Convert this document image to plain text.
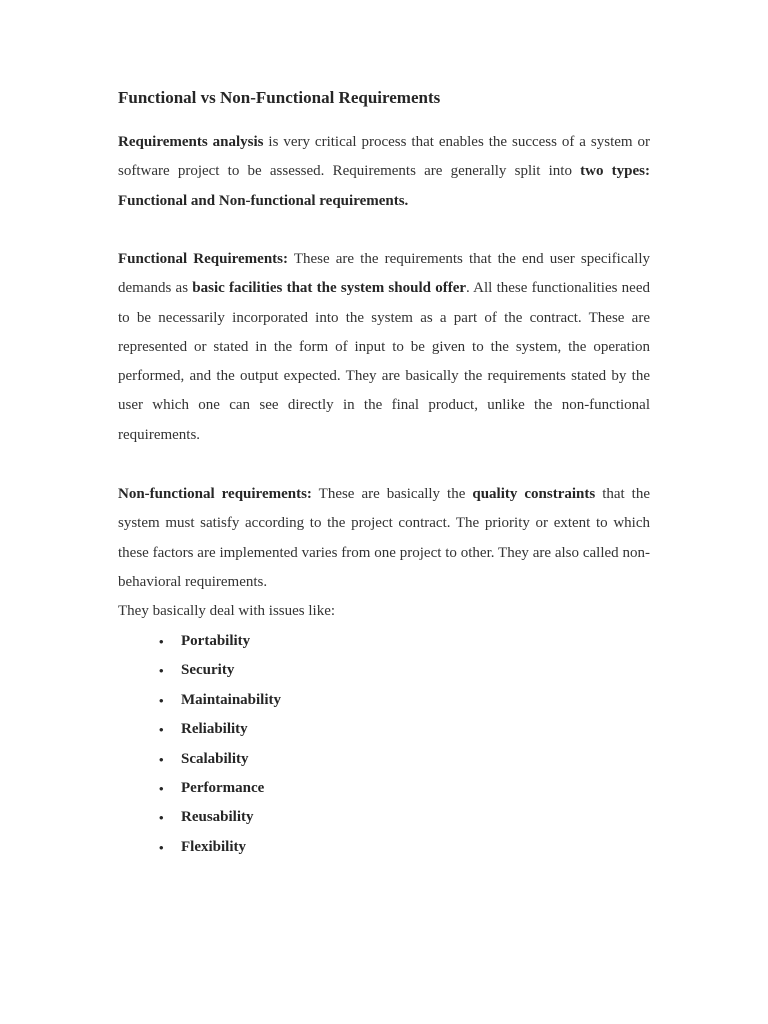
Functional vs Non-Functional Requirements

Requirements analysis is very critical process that enables the success of a system or software project to be assessed. Requirements are generally split into two types: Functional and Non-functional requirements.

Functional Requirements: These are the requirements that the end user specifically demands as basic facilities that the system should offer. All these functionalities need to be necessarily incorporated into the system as a part of the contract. These are represented or stated in the form of input to be given to the system, the operation performed, and the output expected. They are basically the requirements stated by the user which one can see directly in the final product, unlike the non-functional requirements.

Non-functional requirements: These are basically the quality constraints that the system must satisfy according to the project contract. The priority or extent to which these factors are implemented varies from one project to other. They are also called non-behavioral requirements.

They basically deal with issues like:

• Portability
• Security
• Maintainability
• Reliability
• Scalability
• Performance
• Reusability
• Flexibility
